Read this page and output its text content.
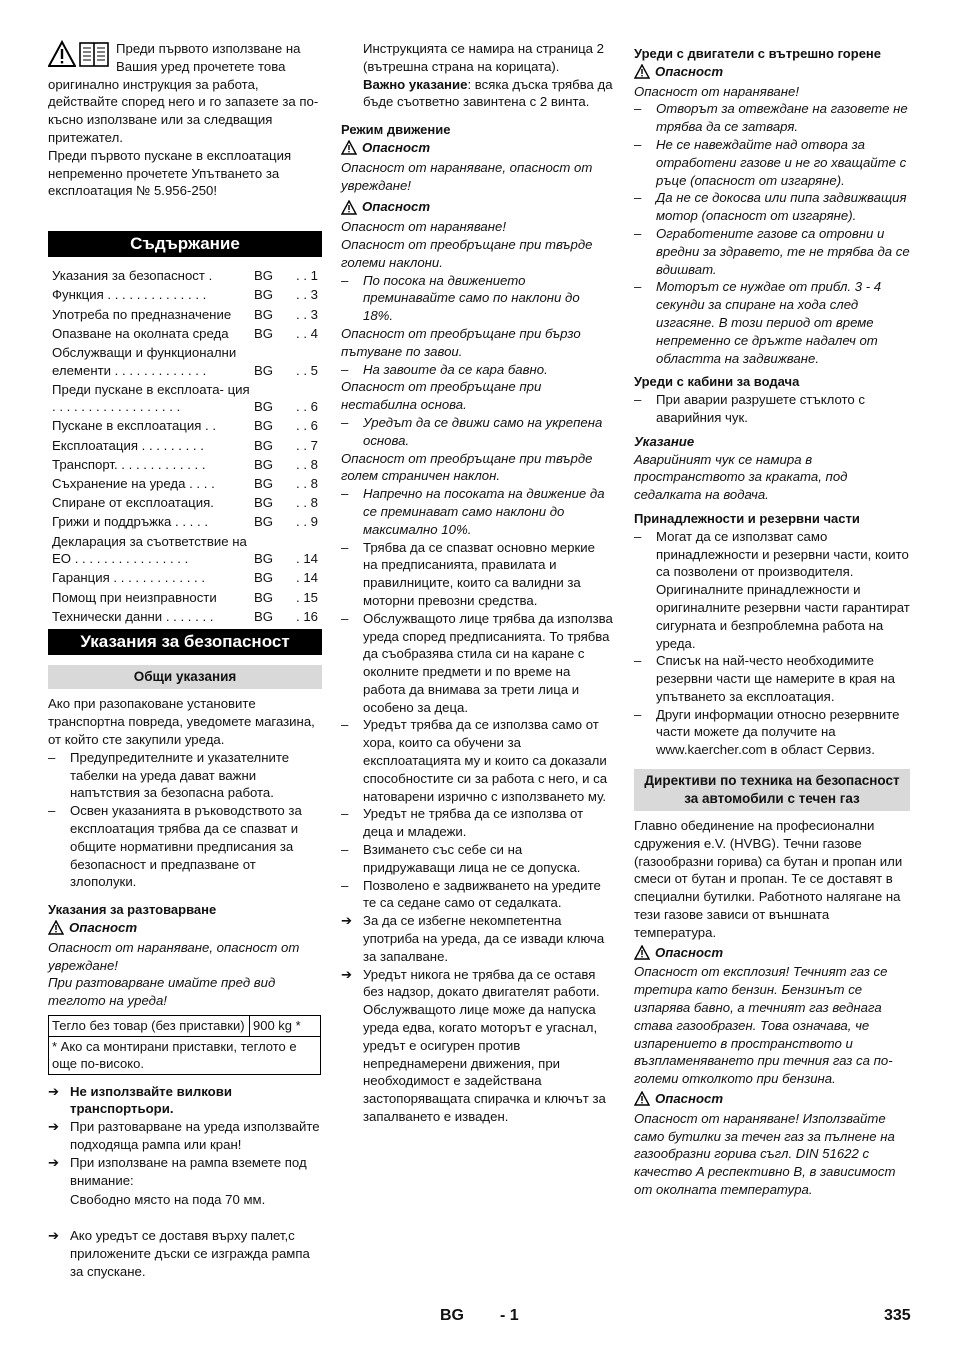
Преди първото използване на Вашия уред прочетете това оригинално инструкция за работа, действайте според него и го запазете за по-късно използване или за следващия притежател.

Преди първото пускане в експлоатация непременно прочетете Упътването за експлоатация № 5.956-250!

Съдържание
Указания за безопасност .	BG	. . 1
Функция . . . . . . . . . . . . . .	BG	. . 3
Употреба по предназначение	BG	. . 3
Опазване на околната среда	BG	. . 4
Обслужващи и функционални елементи . . . . . . . . . . . . .	BG	. . 5
Преди пускане в експлоата- ция . . . . . . . . . . . . . . . . . .	BG	. . 6
Пускане в експлоатация . .	BG	. . 6
Експлоатация . . . . . . . . .	BG	. . 7
Транспорт. . . . . . . . . . . . .	BG	. . 8
Съхранение на уреда . . . .	BG	. . 8
Спиране от експлоатация.	BG	. . 8
Грижи и поддръжка . . . . .	BG	. . 9
Декларация за съответствие на ЕО . . . . . . . . . . . . . . . .	BG	. 14
Гаранция . . . . . . . . . . . . .	BG	. 14
Помощ при неизправности	BG	. 15
Технически данни . . . . . . .	BG	. 16
Указания за безопасност
Общи указания

Ако при разопаковане установите транспортна повреда, уведомете магазина, от който сте закупили уреда.

–	Предупредителните и указателните табелки на уреда дават важни напътствия за безопасна работа.
–	Освен указанията в ръководството за експлоатация трябва да се спазват и общите нормативни предписания за безопасност и предпазване от злополуки.

Указания за разтоварване

Опасност

Опасност от нараняване, опасност от увреждане!

При разтоварване имайте пред вид теглото на уреда!

Тегло без товар (без приставки)	900 kg *
* Ако са монтирани приставки, теглото е още по-високо.
➔ Не използвайте вилкови транспортьори.
➔ При разтоварване на уреда използвайте подходяща рампа или кран!
➔ При използване на рампа вземете под внимание:

Свободно място на пода 70 мм.

➔ Ако уредът се доставя върху палет,с приложените дъски се изгражда рампа за спускане.

Инструкцията се намира на страница 2 (вътрешна страна на корицата).

Важно указание: всяка дъска трябва да бъде съответно завинтена с 2 винта.

Режим движение

Опасност

Опасност от нараняване, опасност от увреждане!

Опасност

Опасност от нараняване!

Опасност от преобръщане при твърде големи наклони.

–	По посока на движението преминавайте само по наклони до 18%.

Опасност от преобръщане при бързо пътуване по завои.

–	На завоите да се кара бавно.

Опасност от преобръщане при нестабилна основа.

–	Уредът да се движи само на укрепена основа.

Опасност от преобръщане при твърде голем страничен наклон.

–	Напречно на посоката на движение да се преминават само наклони до максимално 10%.
–	Трябва да се спазват основно меркие на предписанията, правилата и правилниците, които са валидни за моторни превозни средства.
–	Обслужващото лице трябва да използва уреда според предписанията. То трябва да съобразява стила си на каране с околните предмети и по време на работа да внимава за трети лица и особено за деца.
–	Уредът трябва да се използва само от хора, които са обучени за експлоатацията му и които са доказали способностите си за работа с него, и са натоварени изрично с използването му.
–	Уредът не трябва да се използва от деца и младежи.
–	Взимането със себе си на придружаващи лица не се допуска.
–	Позволено е задвижването на уредите те са седане само от седалката.
➔ За да се избегне некомпетентна употриба на уреда, да се извади ключа за запалване.
➔ Уредът никога не трябва да се оставя без надзор, докато двигателят работи. Обслужващото лице може да напуска уреда едва, когато моторът е угаснал, уредът е осигурен против непреднамерени движения, при необходимост е задействана застопоряващата спирачка и ключът за запалването е изваден.

Уреди с двигатели с вътрешно горене

Опасност

Опасност от нараняване!

–	Отворът за отвеждане на газовете не трябва да се затваря.
–	Не се навеждайте над отвора за отработени газове и не го хващайте с ръце (опасност от изгаряне).
–	Да не се докосва или пипа задвижващия мотор (опасност от изгаряне).
–	Огработените газове са отровни и вредни за здравето, те не трябва да се вдишват.
–	Моторът се нуждае от прибл. 3 - 4 секунди за спиране на хода след изгасяне. В този период от време непременно се дръжте надалеч от областта на задвижване.

Уреди с кабини за водача

–	При аварии разрушете стъклото с аварийния чук.

Указание

Аварийният чук се намира в пространството за краката, под седалката на водача.

Принадлежности и резервни части

–	Могат да се използват само принадлежности и резервни части, които са позволени от производителя. Оригиналните принадлежности и оригиналните резервни части гарантират сигурната и безпроблемна работа на уреда.
–	Списък на най-често необходимите резервни части ще намерите в края на упътването за експлоатация.
–	Други информации относно резервните части можете да получите на www.kaercher.com в област Сервиз.
Директиви по техника на безопасност за автомобили с течен газ

Главно обединение на професионални сдружения e.V. (HVBG). Течни газове (газообразни горива) са бутан и пропан или смеси от бутан и пропан. Те се доставят в специални бутилки. Работното налягане на тези газове зависи от външната температура.

Опасност

Опасност от експлозия! Течният газ се третира като бензин. Бензинът се изпарява бавно, а течният газ веднага става газообразен. Това означава, че изпарението в пространството и възпламеняването при течния газ са по-големи отколкото при бензина.

Опасност

Опасност от нараняване! Използвайте само бутилки за течен газ за пълнене на газообразни горива съгл. DIN 51622 с качество A респективно B, в зависимост от околната температура.

BG - 1	335
